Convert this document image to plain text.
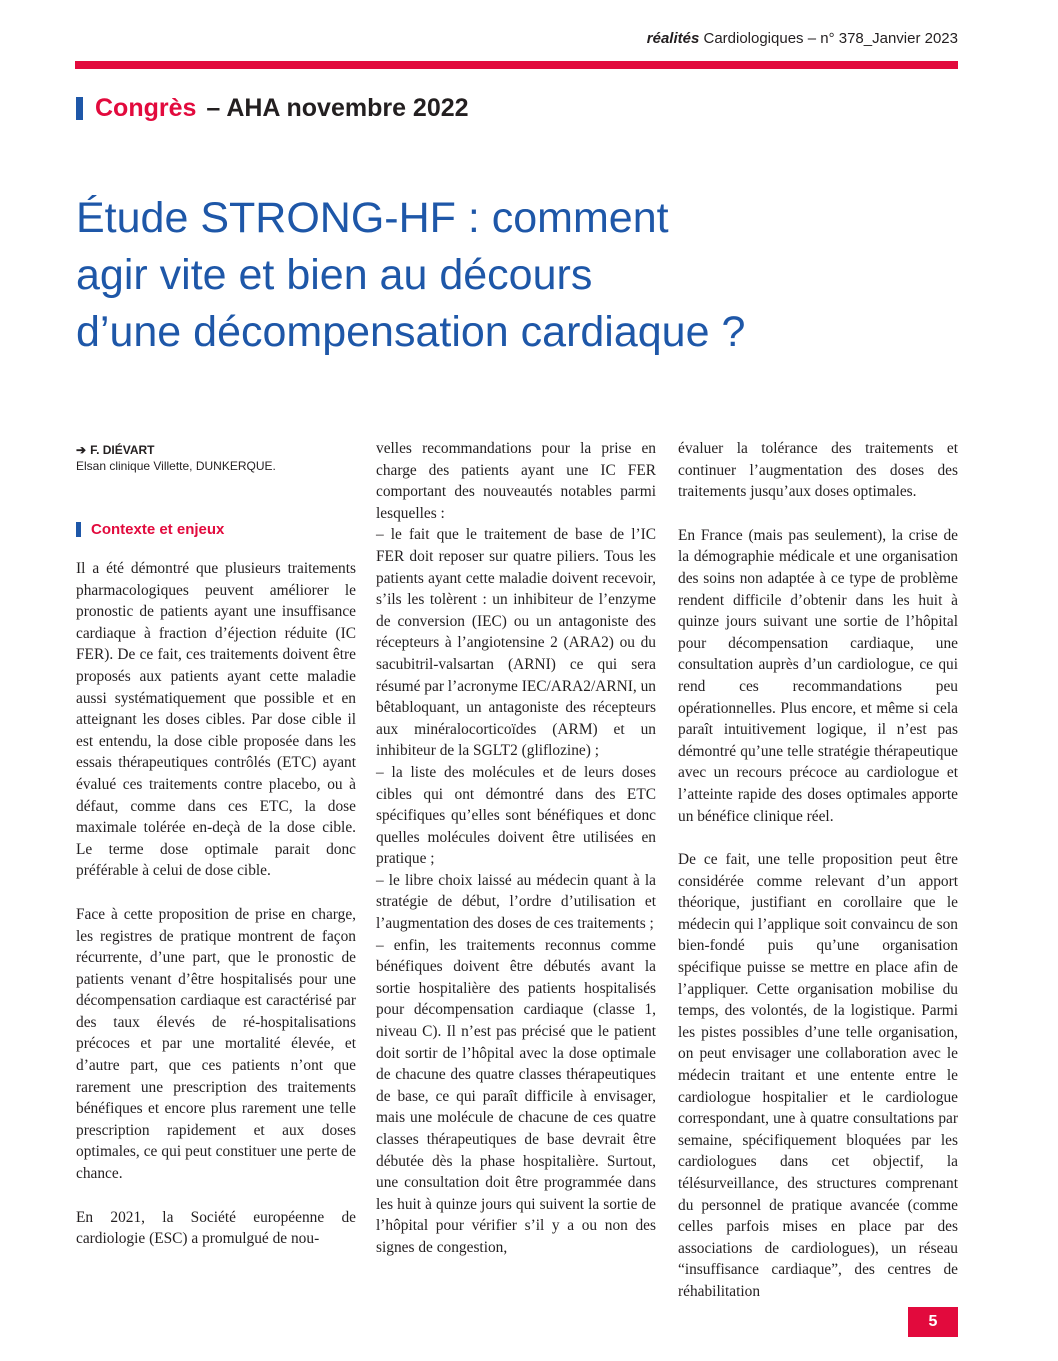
réalités Cardiologiques – n° 378_Janvier 2023
Congrès – AHA novembre 2022
Étude STRONG-HF : comment
agir vite et bien au décours
d’une décompensation cardiaque ?
➔ F. DIÉVART
Elsan clinique Villette, DUNKERQUE.
Contexte et enjeux

Il a été démontré que plusieurs traitements pharmacologiques peuvent améliorer le pronostic de patients ayant une insuffisance cardiaque à fraction d’éjection réduite (IC FER). De ce fait, ces traitements doivent être proposés aux patients ayant cette maladie aussi systématiquement que possible et en atteignant les doses cibles. Par dose cible il est entendu, la dose cible proposée dans les essais thérapeutiques contrôlés (ETC) ayant évalué ces traitements contre placebo, ou à défaut, comme dans ces ETC, la dose maximale tolérée en-deçà de la dose cible. Le terme dose optimale parait donc préférable à celui de dose cible.

Face à cette proposition de prise en charge, les registres de pratique montrent de façon récurrente, d’une part, que le pronostic de patients venant d’être hospitalisés pour une décompensation cardiaque est caractérisé par des taux élevés de ré-hospitalisations précoces et par une mortalité élevée, et d’autre part, que ces patients n’ont que rarement une prescription des traitements bénéfiques et encore plus rarement une telle prescription rapidement et aux doses optimales, ce qui peut constituer une perte de chance.

En 2021, la Société européenne de cardiologie (ESC) a promulgué de nou-

velles recommandations pour la prise en charge des patients ayant une IC FER comportant des nouveautés notables parmi lesquelles :

– le fait que le traitement de base de l’IC FER doit reposer sur quatre piliers. Tous les patients ayant cette maladie doivent recevoir, s’ils les tolèrent : un inhibiteur de l’enzyme de conversion (IEC) ou un antagoniste des récepteurs à l’angiotensine 2 (ARA2) ou du sacubitril-valsartan (ARNI) ce qui sera résumé par l’acronyme IEC/ARA2/ARNI, un bêtabloquant, un antagoniste des récepteurs aux minéralocorticoïdes (ARM) et un inhibiteur de la SGLT2 (gliflozine) ;

– la liste des molécules et de leurs doses cibles qui ont démontré dans des ETC spécifiques qu’elles sont bénéfiques et donc quelles molécules doivent être utilisées en pratique ;

– le libre choix laissé au médecin quant à la stratégie de début, l’ordre d’utilisation et l’augmentation des doses de ces traitements ;

– enfin, les traitements reconnus comme bénéfiques doivent être débutés avant la sortie hospitalière des patients hospitalisés pour décompensation cardiaque (classe 1, niveau C). Il n’est pas précisé que le patient doit sortir de l’hôpital avec la dose optimale de chacune des quatre classes thérapeutiques de base, ce qui paraît difficile à envisager, mais une molécule de chacune de ces quatre classes thérapeutiques de base devrait être débutée dès la phase hospitalière. Surtout, une consultation doit être programmée dans les huit à quinze jours qui suivent la sortie de l’hôpital pour vérifier s’il y a ou non des signes de congestion,

évaluer la tolérance des traitements et continuer l’augmentation des doses des traitements jusqu’aux doses optimales.

En France (mais pas seulement), la crise de la démographie médicale et une organisation des soins non adaptée à ce type de problème rendent difficile d’obtenir dans les huit à quinze jours suivant une sortie de l’hôpital pour décompensation cardiaque, une consultation auprès d’un cardiologue, ce qui rend ces recommandations peu opérationnelles. Plus encore, et même si cela paraît intuitivement logique, il n’est pas démontré qu’une telle stratégie thérapeutique avec un recours précoce au cardiologue et l’atteinte rapide des doses optimales apporte un bénéfice clinique réel.

De ce fait, une telle proposition peut être considérée comme relevant d’un apport théorique, justifiant en corollaire que le médecin qui l’applique soit convaincu de son bien-fondé puis qu’une organisation spécifique puisse se mettre en place afin de l’appliquer. Cette organisation mobilise du temps, des volontés, de la logistique. Parmi les pistes possibles d’une telle organisation, on peut envisager une collaboration avec le médecin traitant et une entente entre le cardiologue hospitalier et le cardiologue correspondant, une à quatre consultations par semaine, spécifiquement bloquées par les cardiologues dans cet objectif, la télésurveillance, des structures comprenant du personnel de pratique avancée (comme celles parfois mises en place par des associations de cardiologues), un réseau “insuffisance cardiaque”, des centres de réhabilitation

5
